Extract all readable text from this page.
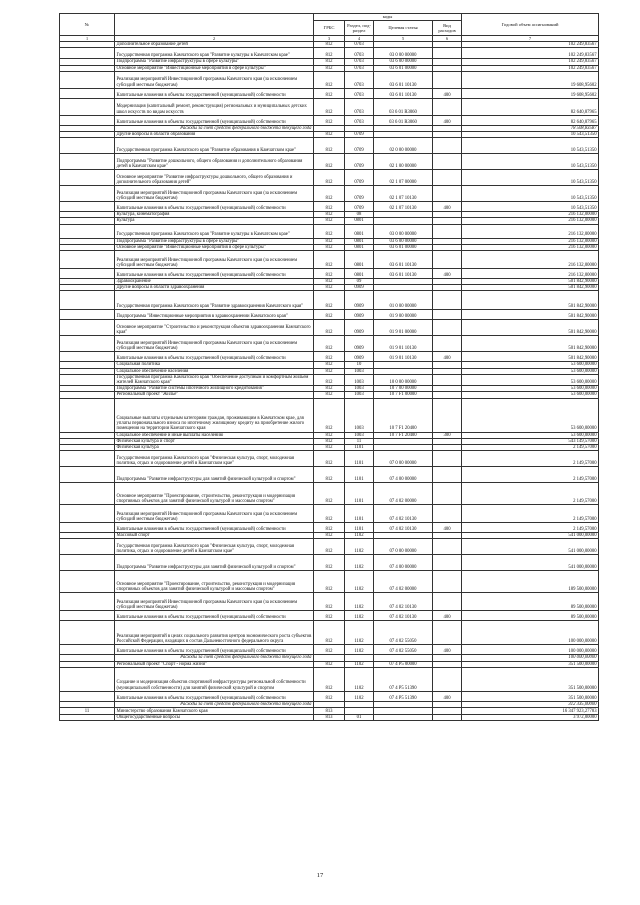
№		коды				Годовой объем ассигнований
		ГРБС	Раздел, под-раздел	Целевая статья	Вид расходов	
1	2	3	4	5	6	7
	Дополнительное образование детей	812	0703			102 249,83567
	Государственная программа Камчатского края "Развитие культуры в Камчатском крае"	812	0703	03 0 00 00000		102 249,83567
	Подпрограмма "Развитие инфраструктуры в сфере культуры"	812	0703	03 6 00 00000		102 249,83567
	Основное мероприятие "Инвестиционные мероприятия в сфере культуры"	812	0703	03 6 01 00000		102 249,83567
	Реализация мероприятий Инвестиционной программы Камчатского края (за исключением субсидий местным бюджетам)	812	0703	03 6 01 10130		19 608,95602
	Капитальные вложения в объекты государственной (муниципальной) собственности	812	0703	03 6 01 10130	400	19 608,95602
	Модернизация (капитальный ремонт, реконструкция) региональных и муниципальных детских школ искусств по видам искусств	812	0703	03 6 01 R3060		82 640,87965
	Капитальные вложения в объекты государственной (муниципальной) собственности	812	0703	03 6 01 R3060	400	82 640,87965
	Расходы за счет средств федерального бюджета текущего года					78 508,83587
	Другие вопросы в области образования	812	0709			10 543,51350
	Государственная программа Камчатского края "Развитие образования в Камчатском крае"	812	0709	02 0 00 00000		10 543,51350
	Подпрограмма "Развитие дошкольного, общего образования и дополнительного образования детей в Камчатском крае"	812	0709	02 1 00 00000		10 543,51350
	Основное мероприятие "Развитие инфраструктуры дошкольного, общего образования и дополнительного образования детей"	812	0709	02 1 07 00000		10 543,51350
	Реализация мероприятий Инвестиционной программы Камчатского края (за исключением субсидий местным бюджетам)	812	0709	02 1 07 10130		10 543,51350
	Капитальные вложения в объекты государственной (муниципальной) собственности	812	0709	02 1 07 10130	400	10 543,51350
	Культура, кинематография	812	08			216 132,00000
	Культура	812	0801			216 132,00000
	Государственная программа Камчатского края "Развитие культуры в Камчатском крае"	812	0801	03 0 00 00000		216 132,00000
	Подпрограмма "Развитие инфраструктуры в сфере культуры"	812	0801	03 6 00 00000		216 132,00000
	Основное мероприятие "Инвестиционные мероприятия в сфере культуры"	812	0801	03 6 01 00000		216 132,00000
	Реализация мероприятий Инвестиционной программы Камчатского края (за исключением субсидий местным бюджетам)	812	0801	03 6 01 10130		216 132,00000
	Капитальные вложения в объекты государственной (муниципальной) собственности	812	0801	03 6 01 10130	400	216 132,00000
	Здравоохранение	812	09			501 842,90000
	Другие вопросы в области здравоохранения	812	0909			501 842,90000
	Государственная программа Камчатского края "Развитие здравоохранения Камчатского края"	812	0909	01 0 00 00000		501 842,90000
	Подпрограмма "Инвестиционные мероприятия в здравоохранении Камчатского края"	812	0909	01 9 00 00000		501 842,90000
	Основное мероприятие "Строительство и реконструкция объектов здравоохранения Камчатского края"	812	0909	01 9 01 00000		501 842,90000
	Реализация мероприятий Инвестиционной программы Камчатского края (за исключением субсидий местным бюджетам)	812	0909	01 9 01 10130		501 842,90000
	Капитальные вложения в объекты государственной (муниципальной) собственности	812	0909	01 9 01 10130	400	501 842,90000
	Социальная политика	812	10			53 600,00000
	Социальное обеспечение населения	812	1003			53 600,00000
	Государственная программа Камчатского края "Обеспечение доступным и комфортным жильем жителей Камчатского края"	812	1003	10 0 00 00000		53 600,00000
	Подпрограмма "Развитие системы ипотечного жилищного кредитования"	812	1003	10 7 00 00000		53 600,00000
	Региональный проект "Жилье"	812	1003	10 7 F1 00000		53 600,00000
	Социальные выплаты отдельным категориям граждан, проживающим в Камчатском крае, для уплаты первоначального взноса по ипотечному жилищному кредиту на приобретение жилого помещения на территории Камчатского края	812	1003	10 7 F1 20400		53 600,00000
	Социальное обеспечение и иные выплаты населению	812	1003	10 7 F1 20400	300	53 600,00000
	Физическая культура и спорт	812	11			543 149,57000
	Физическая культура	812	1101			2 149,57000
	Государственная программа Камчатского края "Физическая культура, спорт, молодежная политика, отдых и оздоровление детей в Камчатском крае"	812	1101	07 0 00 00000		2 149,57000
	Подпрограмма "Развитие инфраструктуры для занятий физической культурой и спортом"	812	1101	07 4 00 00000		2 149,57000
	Основное мероприятие "Проектирование, строительство, реконструкция и модернизация спортивных объектов для занятий физической культурой и массовым спортом"	812	1101	07 4 02 00000		2 149,57000
	Реализация мероприятий Инвестиционной программы Камчатского края (за исключением субсидий местным бюджетам)	812	1101	07 4 02 10130		2 149,57000
	Капитальные вложения в объекты государственной (муниципальной) собственности	812	1101	07 4 02 10130	400	2 149,57000
	Массовый спорт	812	1102			541 000,00000
	Государственная программа Камчатского края "Физическая культура, спорт, молодежная политика, отдых и оздоровление детей в Камчатском крае"	812	1102	07 0 00 00000		541 000,00000
	Подпрограмма "Развитие инфраструктуры для занятий физической культурой и спортом"	812	1102	07 4 00 00000		541 000,00000
	Основное мероприятие "Проектирование, строительство, реконструкция и модернизация спортивных объектов для занятий физической культурой и массовым спортом"	812	1102	07 4 02 00000		189 500,00000
	Реализация мероприятий Инвестиционной программы Камчатского края (за исключением субсидий местным бюджетам)	812	1102	07 4 02 10130		89 500,00000
	Капитальные вложения в объекты государственной (муниципальной) собственности	812	1102	07 4 02 10130	400	89 500,00000
	Реализация мероприятий в целях социального развития центров экономического роста субъектов Российской Федерации, входящих в состав Дальневосточного федерального округа	812	1102	07 4 02 55050		100 000,00000
	Капитальные вложения в объекты государственной (муниципальной) собственности	812	1102	07 4 02 55050	400	100 000,00000
	Расходы за счет средств федерального бюджета текущего года					100 000,00000
	Региональный проект "Спорт - норма жизни"	812	1102	07 4 P5 00000		351 500,00000
	Создание и модернизация объектов спортивной инфраструктуры региональной собственности (муниципальной собственности) для занятий физической культурой и спортом	812	1102	07 4 P5 51390		351 500,00000
	Капитальные вложения в объекты государственной (муниципальной) собственности	812	1102	07 4 P5 51390	400	351 500,00000
	Расходы за счет средств федерального бюджета текущего года					312 335,00000
11	Министерство образования Камчатского края	813				16 347 923,27783
	Общегосударственные вопросы	813	01			3 972,00000
17
